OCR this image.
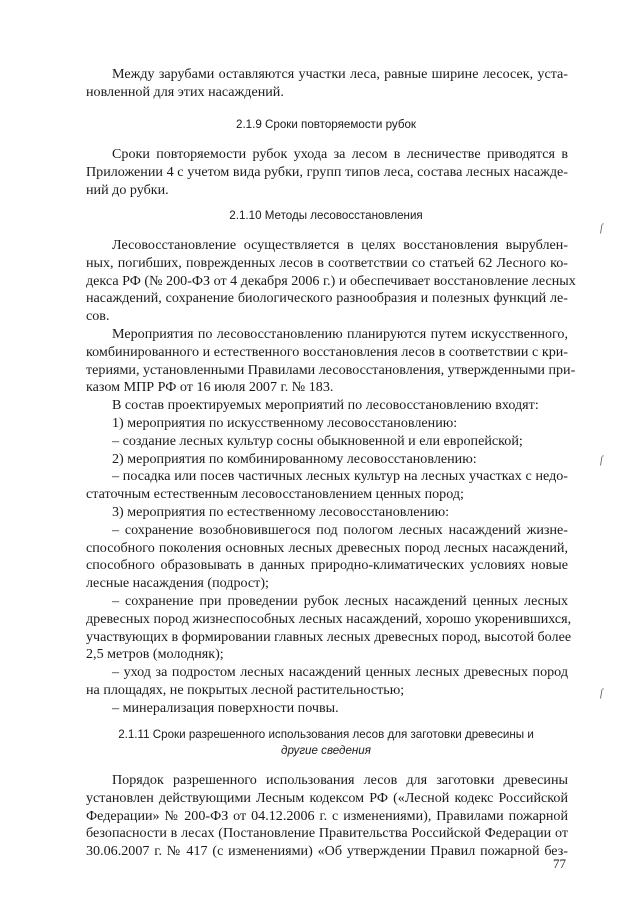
Между зарубами оставляются участки леса, равные ширине лесосек, уста-
новленной для этих насаждений.
2.1.9 Сроки повторяемости рубок
Сроки повторяемости рубок ухода за лесом в лесничестве приводятся в
Приложении 4 с учетом вида рубки, групп типов леса, состава лесных насажде-
ний до рубки.
2.1.10 Методы лесовосстановления
Лесовосстановление осуществляется в целях восстановления вырублен-
ных, погибших, поврежденных лесов в соответствии со статьей 62 Лесного ко-
декса РФ (№ 200-ФЗ от 4 декабря 2006 г.) и обеспечивает восстановление лесных
насаждений, сохранение биологического разнообразия и полезных функций ле-
сов.
Мероприятия по лесовосстановлению планируются путем искусственного,
комбинированного и естественного восстановления лесов в соответствии с кри-
териями, установленными Правилами лесовосстановления, утвержденными при-
казом МПР РФ от 16 июля 2007 г. № 183.
В состав проектируемых мероприятий по лесовосстановлению входят:
1) мероприятия по искусственному лесовосстановлению:
– создание лесных культур сосны обыкновенной и ели европейской;
2) мероприятия по комбинированному лесовосстановлению:
– посадка или посев частичных лесных культур на лесных участках с недо-
статочным естественным лесовосстановлением ценных пород;
3) мероприятия по естественному лесовосстановлению:
– сохранение возобновившегося под пологом лесных насаждений жизне-
способного поколения основных лесных древесных пород лесных насаждений,
способного образовывать в данных природно-климатических условиях новые
лесные насаждения (подрост);
– сохранение при проведении рубок лесных насаждений ценных лесных
древесных пород жизнеспособных лесных насаждений, хорошо укоренившихся,
участвующих в формировании главных лесных древесных пород, высотой более
2,5 метров (молодняк);
– уход за подростом лесных насаждений ценных лесных древесных пород
на площадях, не покрытых лесной растительностью;
– минерализация поверхности почвы.
2.1.11 Сроки разрешенного использования лесов для заготовки древесины и
другие сведения
Порядок разрешенного использования лесов для заготовки древесины
установлен действующими Лесным кодексом РФ («Лесной кодекс Российской
Федерации» № 200-ФЗ от 04.12.2006 г. с изменениями), Правилами пожарной
безопасности в лесах (Постановление Правительства Российской Федерации от
30.06.2007 г. № 417 (с изменениями) «Об утверждении Правил пожарной без-
77
ſ
ſ
ſ
